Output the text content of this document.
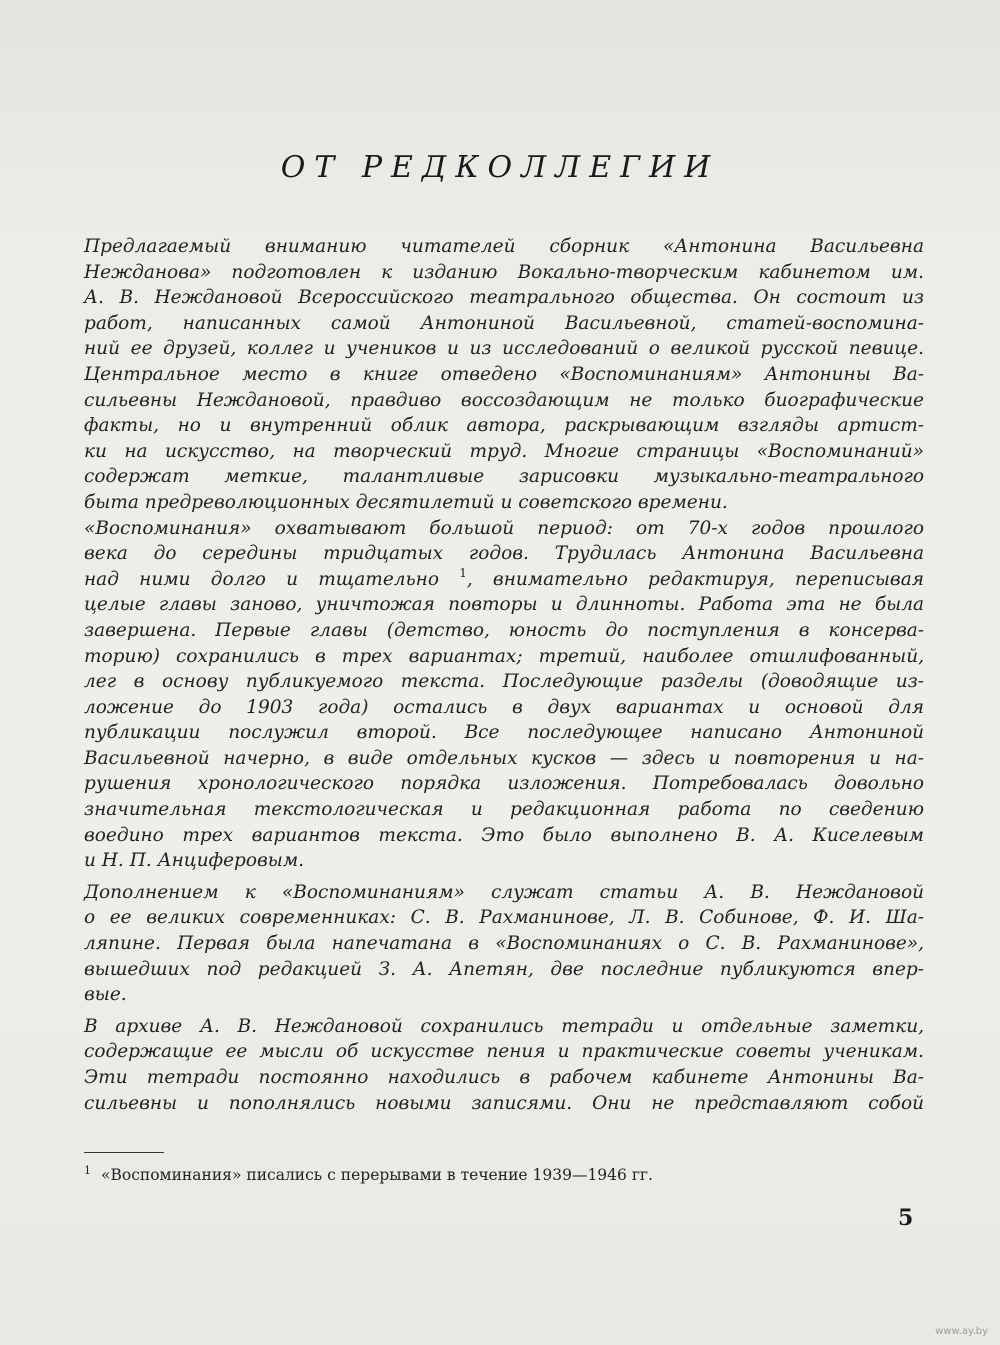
ОТ РЕДКОЛЛЕГИИ
Предлагаемый вниманию читателей сборник «Антонина Васильевна
Нежданова» подготовлен к изданию Вокально-творческим кабинетом им.
А. В. Неждановой Всероссийского театрального общества. Он состоит из
работ, написанных самой Антониной Васильевной, статей-воспомина-
ний ее друзей, коллег и учеников и из исследований о великой русской певице.
Центральное место в книге отведено «Воспоминаниям» Антонины Ва-
сильевны Неждановой, правдиво воссоздающим не только биографические
факты, но и внутренний облик автора, раскрывающим взгляды артист-
ки на искусство, на творческий труд. Многие страницы «Воспоминаний»
содержат меткие, талантливые зарисовки музыкально-театрального
быта предреволюционных десятилетий и советского времени.
«Воспоминания» охватывают большой период: от 70-х годов прошлого
века до середины тридцатых годов. Трудилась Антонина Васильевна
над ними долго и тщательно $^1$, внимательно редактируя, переписывая
целые главы заново, уничтожая повторы и длинноты. Работа эта не была
завершена. Первые главы (детство, юность до поступления в консерва-
торию) сохранились в трех вариантах; третий, наиболее отшлифованный,
лег в основу публикуемого текста. Последующие разделы (доводящие из-
ложение до 1903 года) остались в двух вариантах и основой для
публикации послужил второй. Все последующее написано Антониной
Васильевной начерно, в виде отдельных кусков — здесь и повторения и на-
рушения хронологического порядка изложения. Потребовалась довольно
значительная текстологическая и редакционная работа по сведению
воедино трех вариантов текста. Это было выполнено В. А. Киселевым
и Н. П. Анциферовым.
Дополнением к «Воспоминаниям» служат статьи А. В. Неждановой
о ее великих современниках: С. В. Рахманинове, Л. В. Собинове, Ф. И. Ша-
ляпине. Первая была напечатана в «Воспоминаниях о С. В. Рахманинове»,
вышедших под редакцией З. А. Апетян, две последние публикуются впер-
вые.
В архиве А. В. Неждановой сохранились тетради и отдельные заметки,
содержащие ее мысли об искусстве пения и практические советы ученикам.
Эти тетради постоянно находились в рабочем кабинете Антонины Ва-
сильевны и пополнялись новыми записями. Они не представляют собой
$^1$ «Воспоминания» писались с перерывами в течение 1939—1946 гг.
5
www.ay.by
